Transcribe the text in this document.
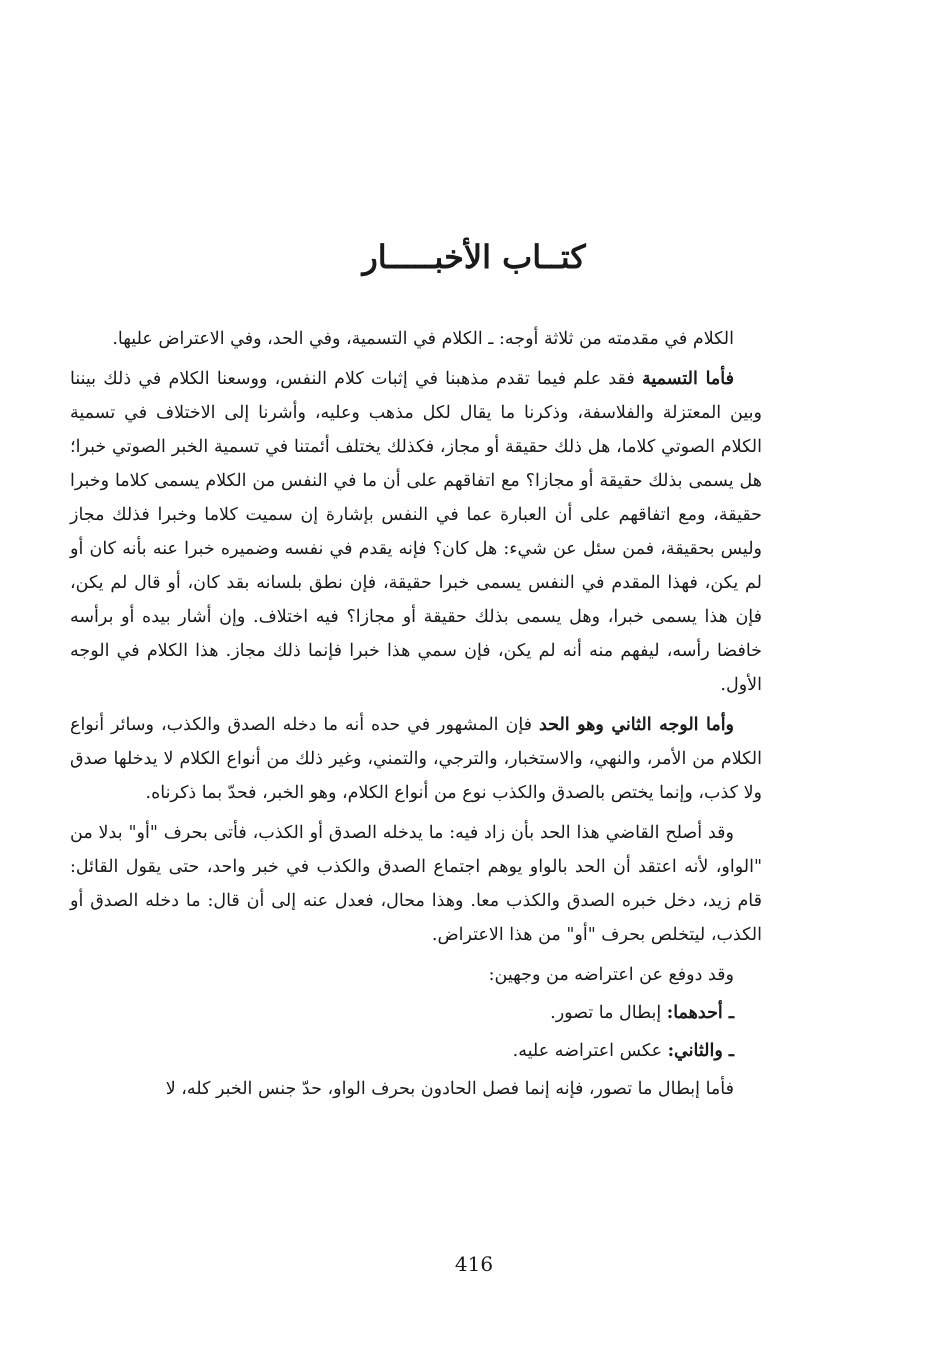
كتــاب الأخبـــــار

الكلام في مقدمته من ثلاثة أوجه: ـ الكلام في التسمية، وفي الحد، وفي الاعتراض عليها.

فأما التسمية فقد علم فيما تقدم مذهبنا في إثبات كلام النفس، ووسعنا الكلام في ذلك بيننا وبين المعتزلة والفلاسفة، وذكرنا ما يقال لكل مذهب وعليه، وأشرنا إلى الاختلاف في تسمية الكلام الصوتي كلاما، هل ذلك حقيقة أو مجاز، فكذلك يختلف أئمتنا في تسمية الخبر الصوتي خبرا؛ هل يسمى بذلك حقيقة أو مجازا؟ مع اتفاقهم على أن ما في النفس من الكلام يسمى كلاما وخبرا حقيقة، ومع اتفاقهم على أن العبارة عما في النفس بإشارة إن سميت كلاما وخبرا فذلك مجاز وليس بحقيقة، فمن سئل عن شيء: هل كان؟ فإنه يقدم في نفسه وضميره خبرا عنه بأنه كان أو لم يكن، فهذا المقدم في النفس يسمى خبرا حقيقة، فإن نطق بلسانه بقد كان، أو قال لم يكن، فإن هذا يسمى خبرا، وهل يسمى بذلك حقيقة أو مجازا؟ فيه اختلاف. وإن أشار بيده أو برأسه خافضا رأسه، ليفهم منه أنه لم يكن، فإن سمي هذا خبرا فإنما ذلك مجاز. هذا الكلام في الوجه الأول.

وأما الوجه الثاني وهو الحد فإن المشهور في حده أنه ما دخله الصدق والكذب، وسائر أنواع الكلام من الأمر، والنهي، والاستخبار، والترجي، والتمني، وغير ذلك من أنواع الكلام لا يدخلها صدق ولا كذب، وإنما يختص بالصدق والكذب نوع من أنواع الكلام، وهو الخبر، فحدّ بما ذكرناه.

وقد أصلح القاضي هذا الحد بأن زاد فيه: ما يدخله الصدق أو الكذب، فأتى بحرف "أو" بدلا من "الواو، لأنه اعتقد أن الحد بالواو يوهم اجتماع الصدق والكذب في خبر واحد، حتى يقول القائل: قام زيد، دخل خبره الصدق والكذب معا. وهذا محال، فعدل عنه إلى أن قال: ما دخله الصدق أو الكذب، ليتخلص بحرف "أو" من هذا الاعتراض.

وقد دوفع عن اعتراضه من وجهين:

ـ أحدهما: إبطال ما تصور.

ـ والثاني: عكس اعتراضه عليه.

فأما إبطال ما تصور، فإنه إنما فصل الحادون بحرف الواو، حدّ جنس الخبر كله، لا

416
